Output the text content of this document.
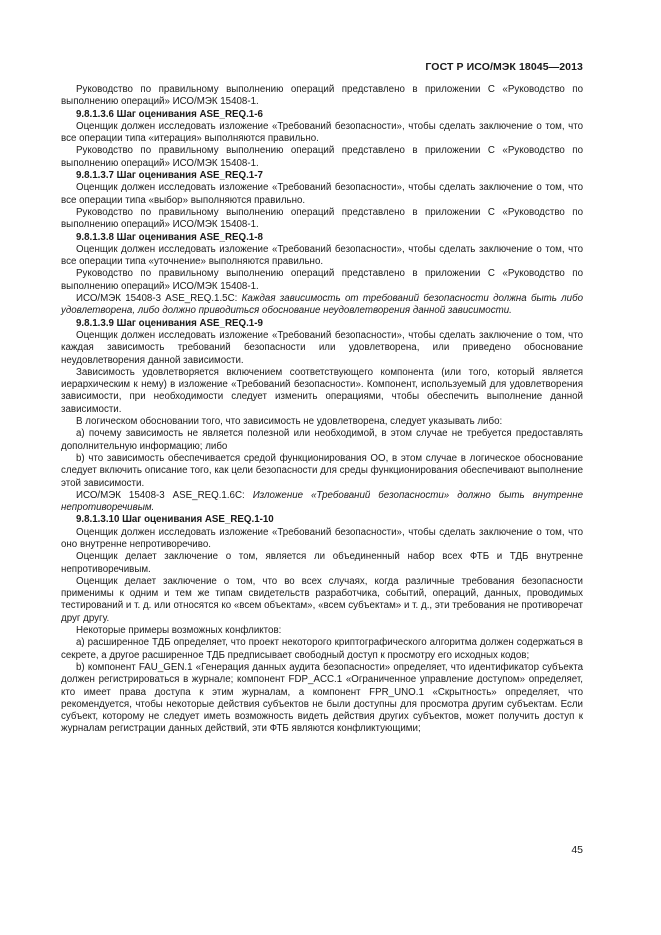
ГОСТ Р ИСО/МЭК 18045—2013

Руководство по правильному выполнению операций представлено в приложении С «Руководство по выполнению операций» ИСО/МЭК 15408-1.

9.8.1.3.6 Шаг оценивания ASE_REQ.1-6

Оценщик должен исследовать изложение «Требований безопасности», чтобы сделать заключение о том, что все операции типа «итерация» выполняются правильно.

Руководство по правильному выполнению операций представлено в приложении С «Руководство по выполнению операций» ИСО/МЭК 15408-1.

9.8.1.3.7 Шаг оценивания ASE_REQ.1-7

Оценщик должен исследовать изложение «Требований безопасности», чтобы сделать заключение о том, что все операции типа «выбор» выполняются правильно.

Руководство по правильному выполнению операций представлено в приложении С «Руководство по выполнению операций» ИСО/МЭК 15408-1.

9.8.1.3.8 Шаг оценивания ASE_REQ.1-8

Оценщик должен исследовать изложение «Требований безопасности», чтобы сделать заключение о том, что все операции типа «уточнение» выполняются правильно.

Руководство по правильному выполнению операций представлено в приложении С «Руководство по выполнению операций» ИСО/МЭК 15408-1.

ИСО/МЭК 15408-3 ASE_REQ.1.5С: Каждая зависимость от требований безопасности должна быть либо удовлетворена, либо должно приводиться обоснование неудовлетворения данной зависимости.

9.8.1.3.9 Шаг оценивания ASE_REQ.1-9

Оценщик должен исследовать изложение «Требований безопасности», чтобы сделать заключение о том, что каждая зависимость требований безопасности или удовлетворена, или приведено обоснование неудовлетворения данной зависимости.

Зависимость удовлетворяется включением соответствующего компонента (или того, который является иерархическим к нему) в изложение «Требований безопасности». Компонент, используемый для удовлетворения зависимости, при необходимости следует изменить операциями, чтобы обеспечить выполнение данной зависимости.

В логическом обосновании того, что зависимость не удовлетворена, следует указывать либо:

а) почему зависимость не является полезной или необходимой, в этом случае не требуется предоставлять дополнительную информацию; либо

b) что зависимость обеспечивается средой функционирования ОО, в этом случае в логическое обоснование следует включить описание того, как цели безопасности для среды функционирования обеспечивают выполнение этой зависимости.

ИСО/МЭК 15408-3 ASE_REQ.1.6С: Изложение «Требований безопасности» должно быть внутренне непротиворечивым.

9.8.1.3.10 Шаг оценивания ASE_REQ.1-10

Оценщик должен исследовать изложение «Требований безопасности», чтобы сделать заключение о том, что оно внутренне непротиворечиво.

Оценщик делает заключение о том, является ли объединенный набор всех ФТБ и ТДБ внутренне непротиворечивым.

Оценщик делает заключение о том, что во всех случаях, когда различные требования безопасности применимы к одним и тем же типам свидетельств разработчика, событий, операций, данных, проводимых тестирований и т. д. или относятся ко «всем объектам», «всем субъектам» и т. д., эти требования не противоречат друг другу.

Некоторые примеры возможных конфликтов:

а) расширенное ТДБ определяет, что проект некоторого криптографического алгоритма должен содержаться в секрете, а другое расширенное ТДБ предписывает свободный доступ к просмотру его исходных кодов;

b) компонент FAU_GEN.1 «Генерация данных аудита безопасности» определяет, что идентификатор субъекта должен регистрироваться в журнале; компонент FDP_ACC.1 «Ограниченное управление доступом» определяет, кто имеет права доступа к этим журналам, а компонент FPR_UNO.1 «Скрытность» определяет, что рекомендуется, чтобы некоторые действия субъектов не были доступны для просмотра другим субъектам. Если субъект, которому не следует иметь возможность видеть действия других субъектов, может получить доступ к журналам регистрации данных действий, эти ФТБ являются конфликтующими;

45
